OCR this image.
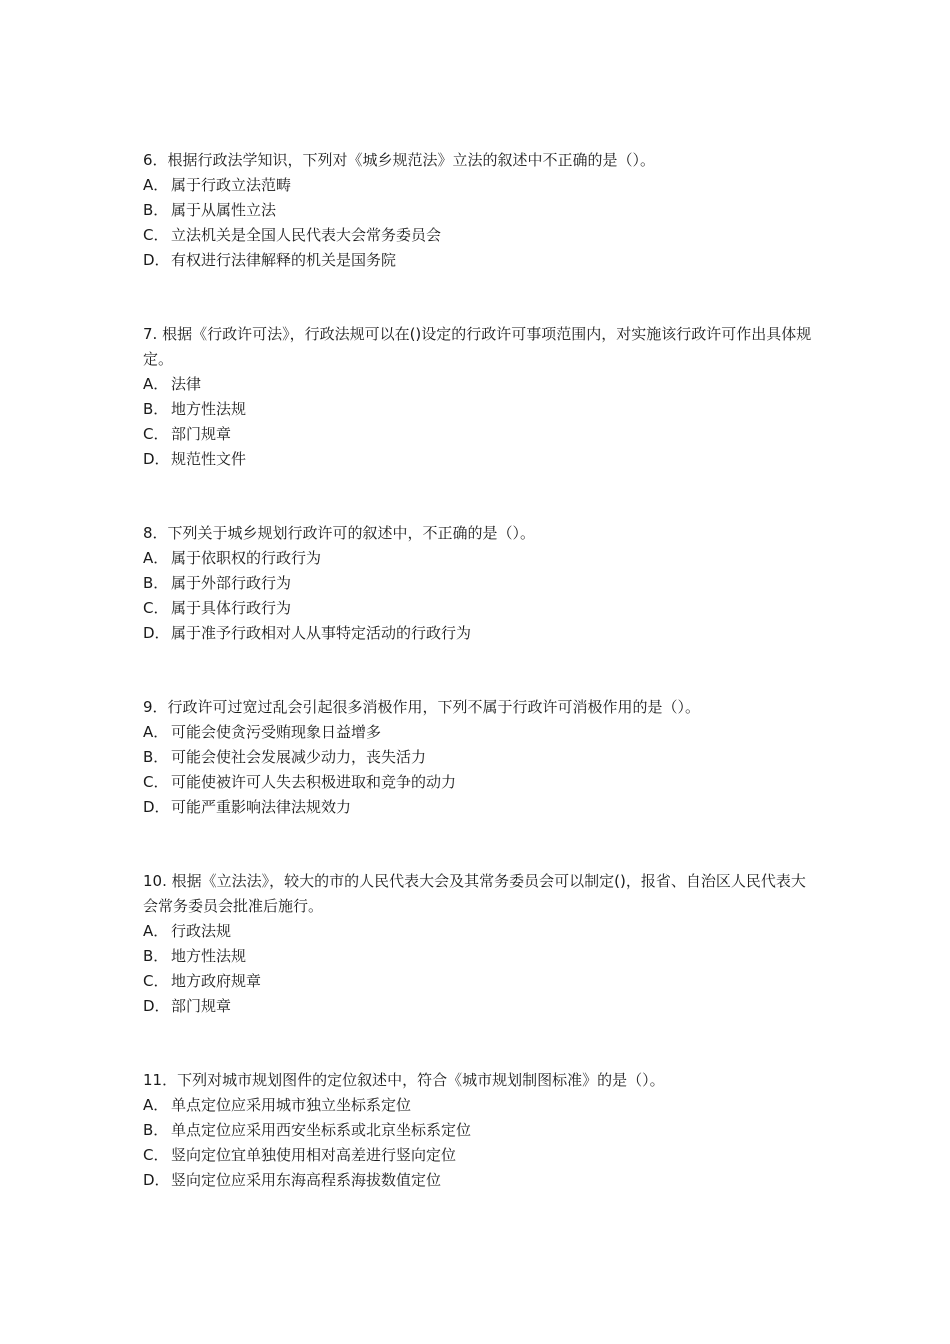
6．根据行政法学知识，下列对《城乡规范法》立法的叙述中不正确的是（）。

A． 属于行政立法范畴

B． 属于从属性立法

C． 立法机关是全国人民代表大会常务委员会

D．有权进行法律解释的机关是国务院

7. 根据《行政许可法》，行政法规可以在()设定的行政许可事项范围内，对实施该行政许可作出具体规定。

A． 法律

B． 地方性法规

C． 部门规章

D．规范性文件

8．下列关于城乡规划行政许可的叙述中，不正确的是（）。

A． 属于依职权的行政行为

B． 属于外部行政行为

C． 属于具体行政行为

D．属于准予行政相对人从事特定活动的行政行为

9．行政许可过宽过乱会引起很多消极作用，下列不属于行政许可消极作用的是（）。

A． 可能会使贪污受贿现象日益增多

B． 可能会使社会发展减少动力，丧失活力

C． 可能使被许可人失去积极进取和竞争的动力

D．可能严重影响法律法规效力

10. 根据《立法法》，较大的市的人民代表大会及其常务委员会可以制定()，报省、自治区人民代表大会常务委员会批准后施行。

A． 行政法规

B． 地方性法规

C． 地方政府规章

D．部门规章

11．下列对城市规划图件的定位叙述中，符合《城市规划制图标准》的是（）。

A． 单点定位应采用城市独立坐标系定位

B． 单点定位应采用西安坐标系或北京坐标系定位

C． 竖向定位宜单独使用相对高差进行竖向定位

D．竖向定位应采用东海高程系海拔数值定位
